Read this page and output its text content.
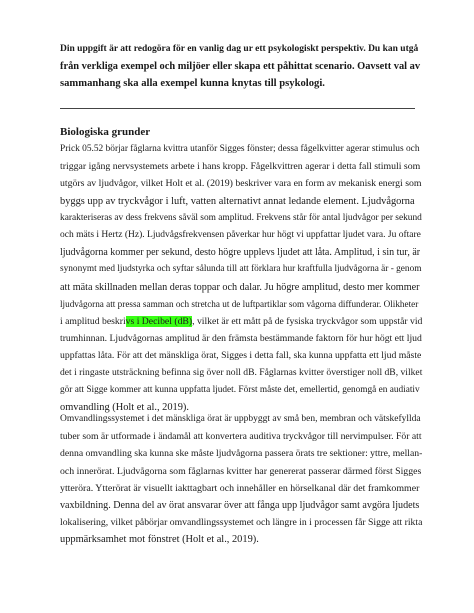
Din uppgift är att redogöra för en vanlig dag ur ett psykologiskt perspektiv. Du kan utgå
från verkliga exempel och miljöer eller skapa ett påhittat scenario. Oavsett val av
sammanhang ska alla exempel kunna knytas till psykologi.
Biologiska grunder
Prick 05.52 börjar fåglarna kvittra utanför Sigges fönster; dessa fågelkvitter agerar stimulus och
triggar igång nervsystemets arbete i hans kropp. Fågelkvittren agerar i detta fall stimuli som
utgörs av ljudvågor, vilket Holt et al. (2019) beskriver vara en form av mekanisk energi som
byggs upp av tryckvågor i luft, vatten alternativt annat ledande element. Ljudvågorna
karakteriseras av dess frekvens såväl som amplitud. Frekvens står för antal ljudvågor per sekund
och mäts i Hertz (Hz). Ljudvågsfrekvensen påverkar hur högt vi uppfattar ljudet vara. Ju oftare
ljudvågorna kommer per sekund, desto högre upplevs ljudet att låta. Amplitud, i sin tur, är
synonymt med ljudstyrka och syftar sålunda till att förklara hur kraftfulla ljudvågorna är - genom
att mäta skillnaden mellan deras toppar och dalar. Ju högre amplitud, desto mer kommer
ljudvågorna att pressa samman och stretcha ut de luftpartiklar som vågorna diffunderar. Olikheter
i amplitud beskrivs i Decibel (dB), vilket är ett mått på de fysiska tryckvågor som uppstår vid
trumhinnan. Ljudvågornas amplitud är den främsta bestämmande faktorn för hur högt ett ljud
uppfattas låta. För att det mänskliga örat, Sigges i detta fall, ska kunna uppfatta ett ljud måste
det i ringaste utsträckning befinna sig över noll dB. Fåglarnas kvitter överstiger noll dB, vilket
gör att Sigge kommer att kunna uppfatta ljudet. Först måste det, emellertid, genomgå en audiativ
omvandling (Holt et al., 2019).
Omvandlingssystemet i det mänskliga örat är uppbyggt av små ben, membran och vätskefyllda
tuber som är utformade i ändamål att konvertera auditiva tryckvågor till nervimpulser. För att
denna omvandling ska kunna ske måste ljudvågorna passera örats tre sektioner: yttre, mellan-
och innerörat. Ljudvågorna som fåglarnas kvitter har genererat passerar därmed först Sigges
ytteröra. Ytterörat är visuellt iakttagbart och innehåller en hörselkanal där det framkommer
vaxbildning. Denna del av örat ansvarar över att fånga upp ljudvågor samt avgöra ljudets
lokalisering, vilket påbörjar omvandlingssystemet och längre in i processen får Sigge att rikta
uppmärksamhet mot fönstret (Holt et al., 2019).
